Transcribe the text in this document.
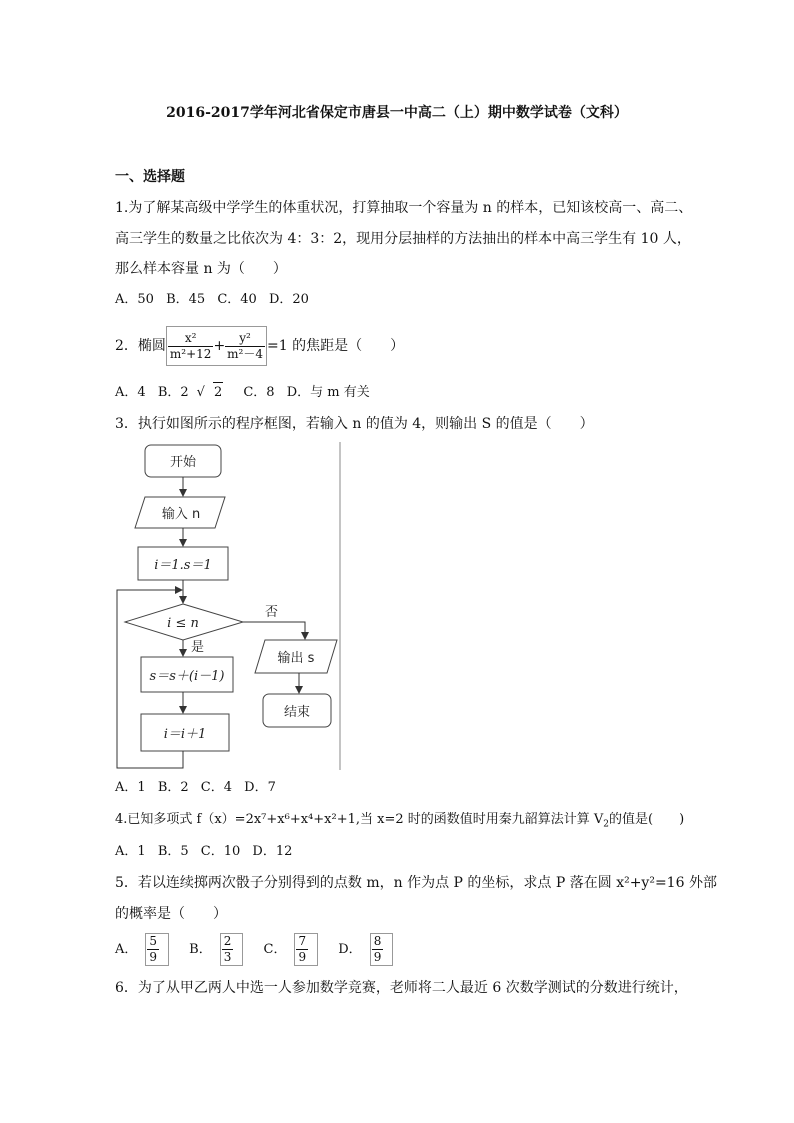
2016-2017学年河北省保定市唐县一中高二（上）期中数学试卷（文科）
一、选择题
1.为了解某高级中学学生的体重状况，打算抽取一个容量为 n 的样本，已知该校高一、高二、
高三学生的数量之比依次为 4：3：2，现用分层抽样的方法抽出的样本中高三学生有 10 人，
那么样本容量 n 为（　　）
A．50 B．45 C．40 D．20
2．椭圆 $\frac{\text{x²}}{\text{m²+12}} + \frac{\text{y²}}{\text{m²－4}} =1$ 的焦距是（　　）
A．4 B．2 √ 2 C．8 D．与 m 有关
3．执行如图所示的程序框图，若输入 n 的值为 4，则输出 S 的值是（　　）
开始
输入 n
i＝1.s＝1
i ≤ n
否
是
s＝s＋(i－1)
i＝i＋1
输出 s
结束
A．1 B．2 C．4 D．7
4.已知多项式 f（x）=2x⁷+x⁶+x⁴+x²+1,当 x=2 时的函数值时用秦九韶算法计算 $V_2$的值是(　　)
A．1 B．5 C．10 D．12
5．若以连续掷两次骰子分别得到的点数 m，n 作为点 P 的坐标，求点 P 落在圆 x²+y²=16 外部
的概率是（　　）
A． $\frac{5}{9}$ B． $\frac{2}{3}$ C． $\frac{7}{9}$ D． $\frac{8}{9}$
6．为了从甲乙两人中选一人参加数学竞赛，老师将二人最近 6 次数学测试的分数进行统计，
